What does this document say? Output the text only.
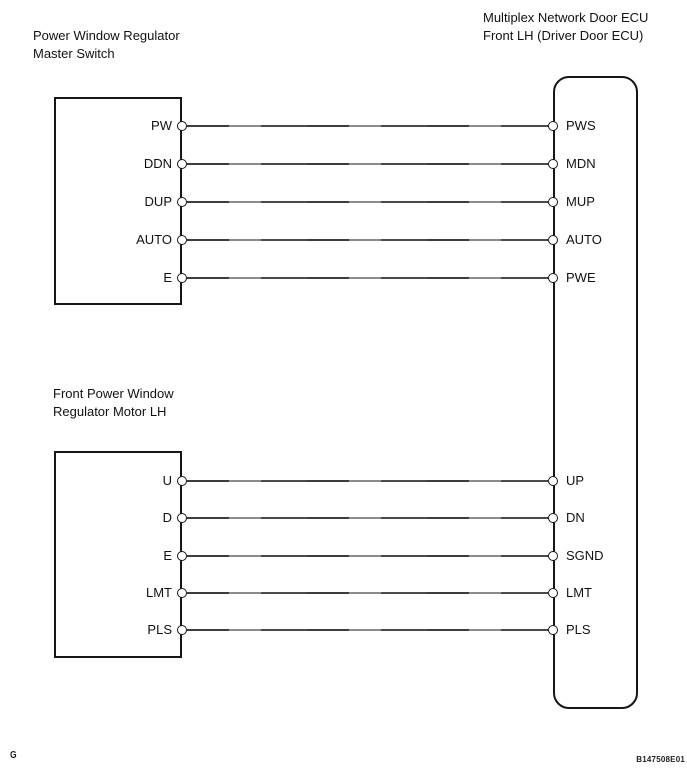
Power Window Regulator
Master Switch
Multiplex Network Door ECU
Front LH (Driver Door ECU)
Front Power Window
Regulator Motor LH
PW	PWS
DDN	MDN
DUP	MUP
AUTO	AUTO
E	PWE
U	UP
D	DN
E	SGND
LMT	LMT
PLS	PLS
G	B147508E01
